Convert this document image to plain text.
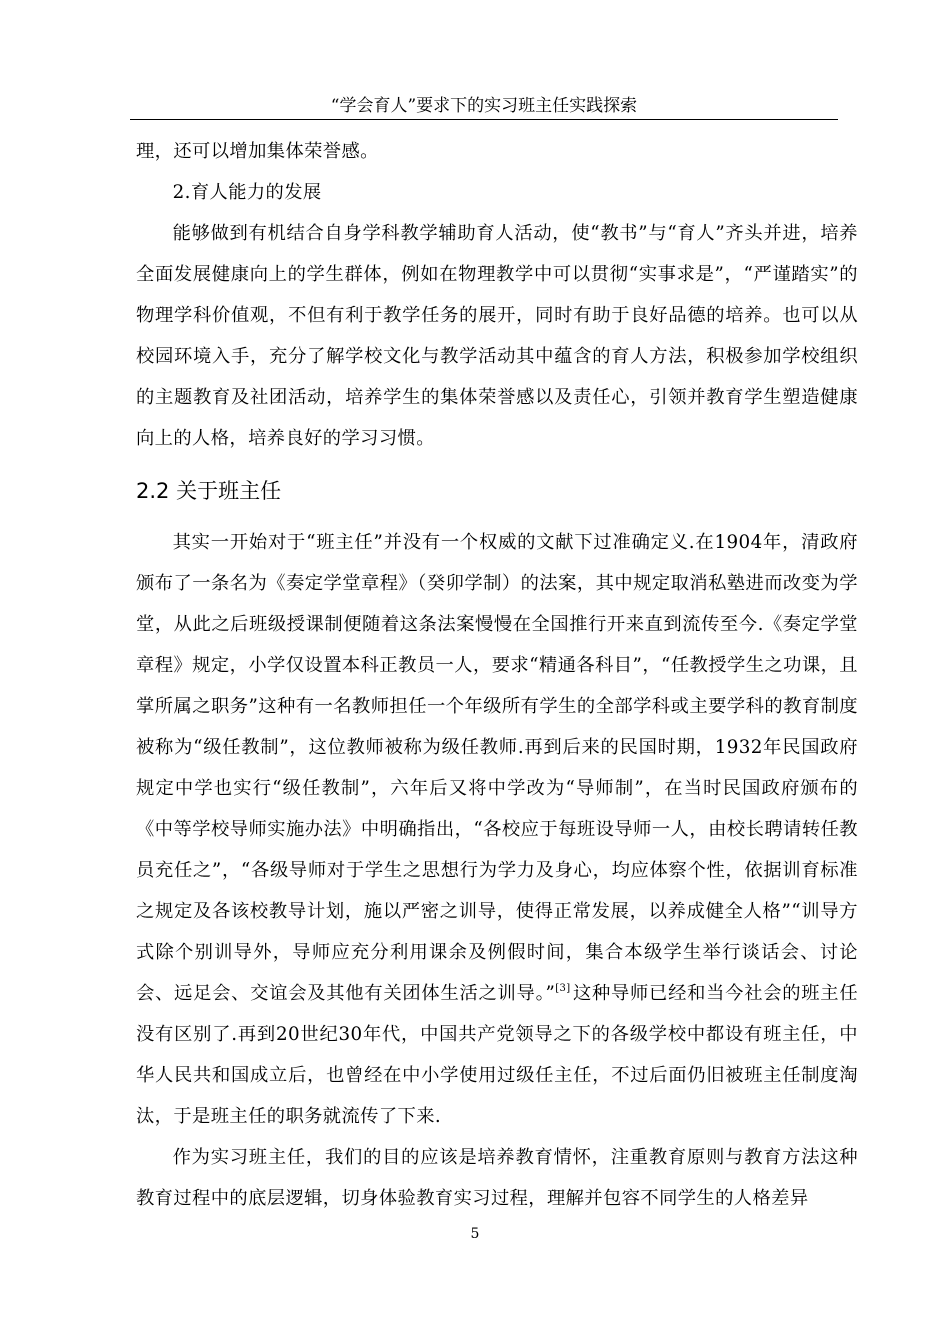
“学会育人”要求下的实习班主任实践探索

理，还可以增加集体荣誉感。

2.育人能力的发展

能够做到有机结合自身学科教学辅助育人活动，使“教书”与“育人”齐头并进，培养全面发展健康向上的学生群体，例如在物理教学中可以贯彻“实事求是”，“严谨踏实”的物理学科价值观，不但有利于教学任务的展开，同时有助于良好品德的培养。也可以从校园环境入手，充分了解学校文化与教学活动其中蕴含的育人方法，积极参加学校组织的主题教育及社团活动，培养学生的集体荣誉感以及责任心，引领并教育学生塑造健康向上的人格，培养良好的学习习惯。

2.2 关于班主任

其实一开始对于“班主任”并没有一个权威的文献下过准确定义.在1904年，清政府颁布了一条名为《奏定学堂章程》（癸卯学制）的法案，其中规定取消私塾进而改变为学堂，从此之后班级授课制便随着这条法案慢慢在全国推行开来直到流传至今.《奏定学堂章程》规定，小学仅设置本科正教员一人，要求“精通各科目”，“任教授学生之功课，且掌所属之职务”这种有一名教师担任一个年级所有学生的全部学科或主要学科的教育制度被称为“级任教制”，这位教师被称为级任教师.再到后来的民国时期，1932年民国政府规定中学也实行“级任教制”，六年后又将中学改为“导师制”，在当时民国政府颁布的《中等学校导师实施办法》中明确指出，“各校应于每班设导师一人，由校长聘请转任教员充任之”，“各级导师对于学生之思想行为学力及身心，均应体察个性，依据训育标准之规定及各该校教导计划，施以严密之训导，使得正常发展，以养成健全人格”“训导方式除个别训导外，导师应充分利用课余及例假时间，集合本级学生举行谈话会、讨论会、远足会、交谊会及其他有关团体生活之训导。”[3] 这种导师已经和当今社会的班主任没有区别了.再到20世纪30年代，中国共产党领导之下的各级学校中都设有班主任，中华人民共和国成立后，也曾经在中小学使用过级任主任，不过后面仍旧被班主任制度淘汰，于是班主任的职务就流传了下来.

作为实习班主任，我们的目的应该是培养教育情怀，注重教育原则与教育方法这种教育过程中的底层逻辑，切身体验教育实习过程，理解并包容不同学生的人格差异

5
